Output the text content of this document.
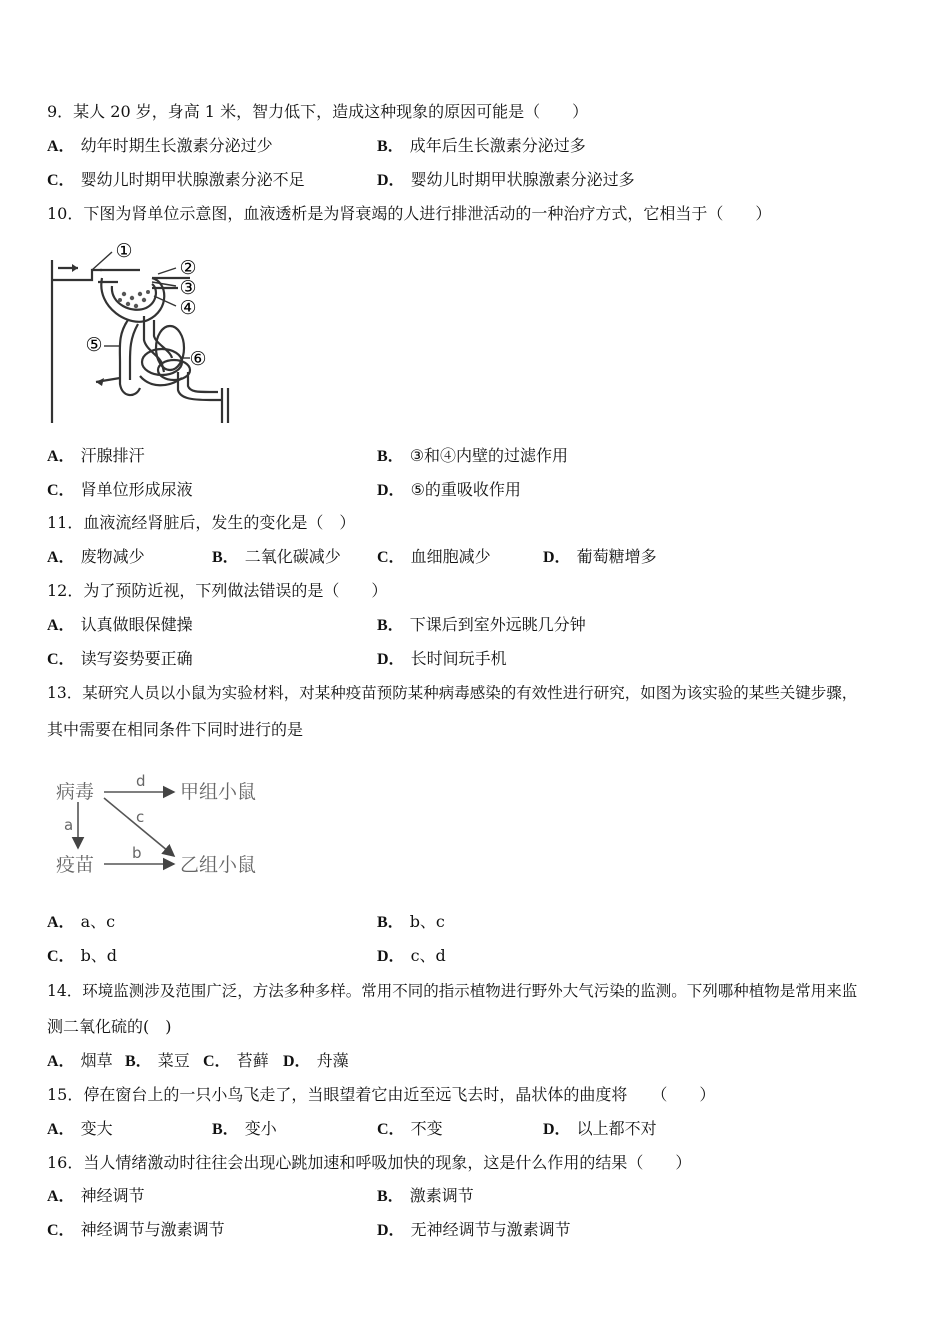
9．某人 20 岁，身高 1 米，智力低下，造成这种现象的原因可能是（　　）
A． 幼年时期生长激素分泌过少	B． 成年后生长激素分泌过多
C． 婴幼儿时期甲状腺激素分泌不足	D． 婴幼儿时期甲状腺激素分泌过多
10．下图为肾单位示意图，血液透析是为肾衰竭的人进行排泄活动的一种治疗方式，它相当于（　　）
①
②
③
④
⑤
⑥
A． 汗腺排汗	B． ③和④内壁的过滤作用
C． 肾单位形成尿液	D． ⑤的重吸收作用
11．血液流经肾脏后，发生的变化是（　）
A． 废物减少	B． 二氧化碳减少 C． 血细胞减少	D． 葡萄糖增多
12．为了预防近视，下列做法错误的是（　　）
A． 认真做眼保健操	B． 下课后到室外远眺几分钟
C． 读写姿势要正确	D． 长时间玩手机
13．某研究人员以小鼠为实验材料，对某种疫苗预防某种病毒感染的有效性进行研究，如图为该实验的某些关键步骤，
其中需要在相同条件下同时进行的是
病毒
疫苗
甲组小鼠
乙组小鼠
d
a	c
b
A． a、c	B． b、c
C． b、d	D． c、d
14．环境监测涉及范围广泛，方法多种多样。常用不同的指示植物进行野外大气污染的监测。下列哪种植物是常用来监
测二氧化硫的(　)
A． 烟草 B． 菜豆 C． 苔藓 D． 舟藻
15．停在窗台上的一只小鸟飞走了，当眼望着它由近至远飞去时，晶状体的曲度将　　（　　）
A． 变大	B． 变小	C． 不变	D． 以上都不对
16．当人情绪激动时往往会出现心跳加速和呼吸加快的现象，这是什么作用的结果（　　）
A． 神经调节	B． 激素调节
C． 神经调节与激素调节	D． 无神经调节与激素调节
